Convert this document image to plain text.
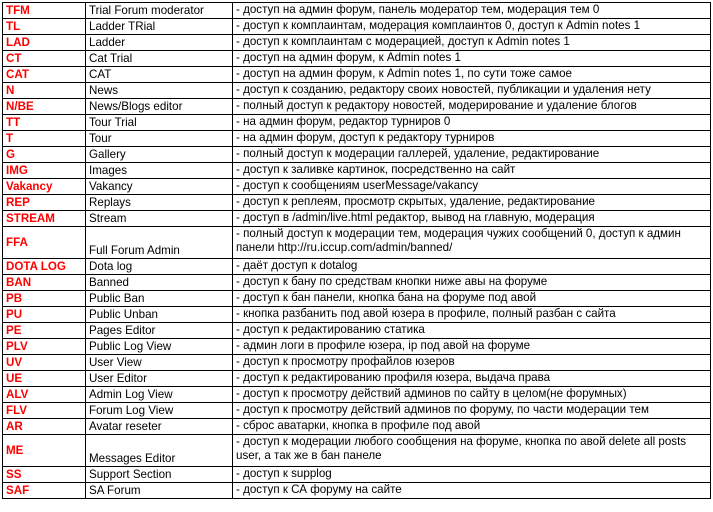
TFM	Trial Forum moderator	- доступ на админ форум, панель модератор тем, модерация тем 0
TL	Ladder TRial	- доступ к комплаинтам, модерация комплаинтов 0, доступ к Admin notes 1
LAD	Ladder	- доступ к комплаинтам с модерацией, доступ к Admin notes 1
CT	Cat Trial	- доступ на админ форум, к Admin notes 1
CAT	CAT	- доступ на админ форум, к Admin notes 1, по сути тоже самое
N	News	- доступ к созданию, редактору своих новостей, публикации и удаления нету
N/BE	News/Blogs editor	- полный доступ к редактору новостей, модерирование и удаление блогов
TT	Tour Trial	- на админ форум, редактор турниров 0
T	Tour	- на админ форум, доступ к редактору турниров
G	Gallery	- полный доступ к модерации галлерей, удаление, редактирование
IMG	Images	- доступ к заливке картинок, посредственно на сайт
Vakancy	Vakancy	- доступ к сообщениям userMessage/vakancy
REP	Replays	- доступ к реплеям, просмотр скрытых, удаление, редактирование
STREAM	Stream	- доступ в /admin/live.html редактор, вывод на главную, модерация
FFA	Full Forum Admin	- полный доступ к модерации тем, модерация чужих сообщений 0, доступ к админ панели http://ru.iccup.com/admin/banned/
DOTA LOG	Dota log	- даёт доступ к dotalog
BAN	Banned	- доступ к бану по средствам кнопки ниже авы на форуме
PB	Public Ban	- доступ к бан панели, кнопка бана на форуме под авой
PU	Public Unban	- кнопка разбанить под авой юзера в профиле, полный разбан с сайта
PE	Pages Editor	- доступ к редактированию статика
PLV	Public Log View	- админ логи в профиле юзера, ip под авой на форуме
UV	User View	- доступ к просмотру профайлов юзеров
UE	User Editor	- доступ к редактированию профиля юзера, выдача права
ALV	Admin Log View	- доступ к просмотру действий админов по сайту в целом(не форумных)
FLV	Forum Log View	- доступ к просмотру действий админов по форуму, по части модерации тем
AR	Avatar reseter	- сброс аватарки, кнопка в профиле под авой
ME	Messages Editor	- доступ к модерации любого сообщения на форуме, кнопка по авой delete all posts user, а так же в бан панеле
SS	Support Section	- доступ к supplog
SAF	SA Forum	- доступ к СА форуму на сайте
